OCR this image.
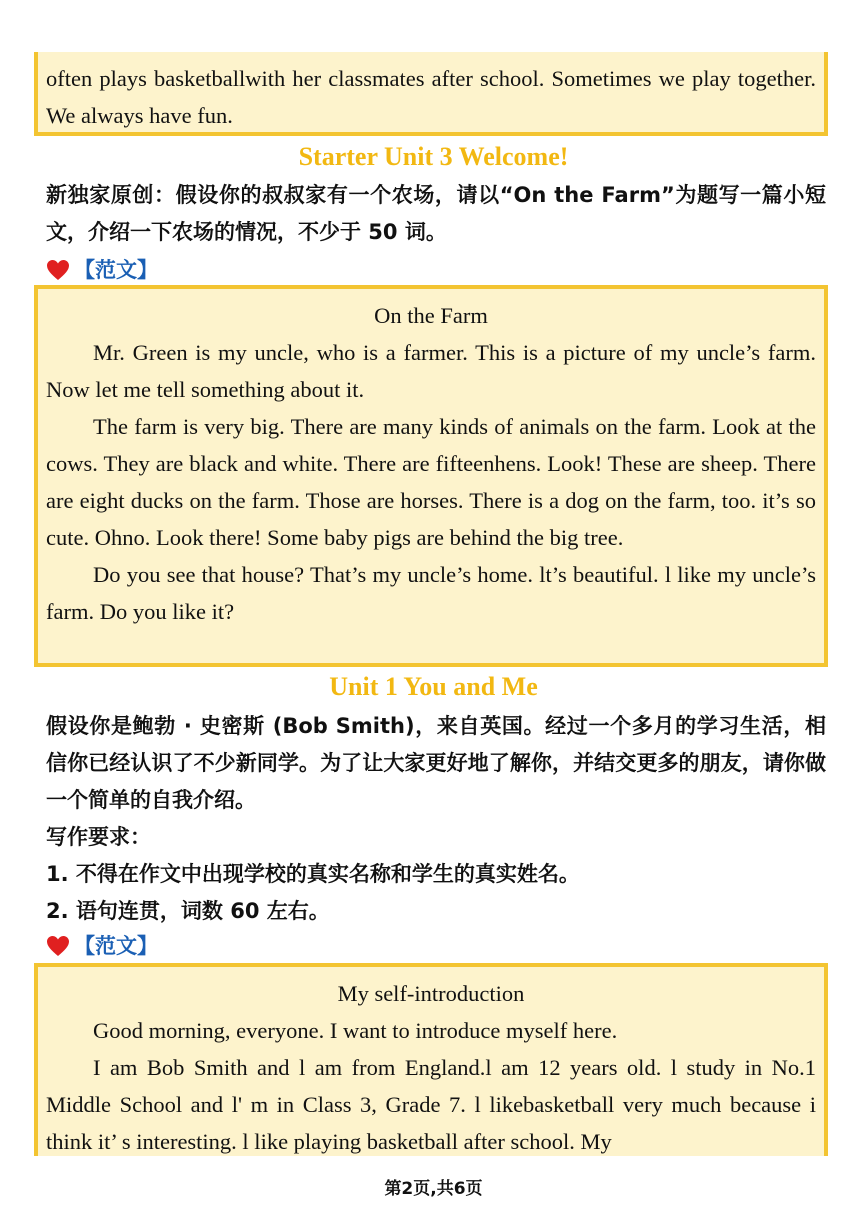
often plays basketballwith her classmates after school. Sometimes we play together. We always have fun.

Starter Unit 3 Welcome!

新独家原创：假设你的叔叔家有一个农场，请以“On the Farm”为题写一篇小短文，介绍一下农场的情况，不少于 50 词。

【范文】

On the Farm

Mr. Green is my uncle, who is a farmer. This is a picture of my uncle’s farm. Now let me tell something about it.

The farm is very big. There are many kinds of animals on the farm. Look at the cows. They are black and white. There are fifteenhens. Look! These are sheep. There are eight ducks on the farm. Those are horses. There is a dog on the farm, too. it’s so cute. Ohno. Look there! Some baby pigs are behind the big tree.

Do you see that house? That’s my uncle’s home. lt’s beautiful. l like my uncle’s farm. Do you like it?

Unit 1 You and Me

假设你是鲍勃 · 史密斯 (Bob Smith)，来自英国。经过一个多月的学习生活，相信你已经认识了不少新同学。为了让大家更好地了解你，并结交更多的朋友，请你做一个简单的自我介绍。

写作要求：

1. 不得在作文中出现学校的真实名称和学生的真实姓名。

2. 语句连贯，词数 60 左右。

【范文】

My self-introduction

Good morning, everyone. I want to introduce myself here.

I am Bob Smith and l am from England.l am 12 years old. l study in No.1 Middle School and l' m in Class 3, Grade 7. l likebasketball very much because i think it’ s interesting. l like playing basketball after school. My

第2页,共6页
